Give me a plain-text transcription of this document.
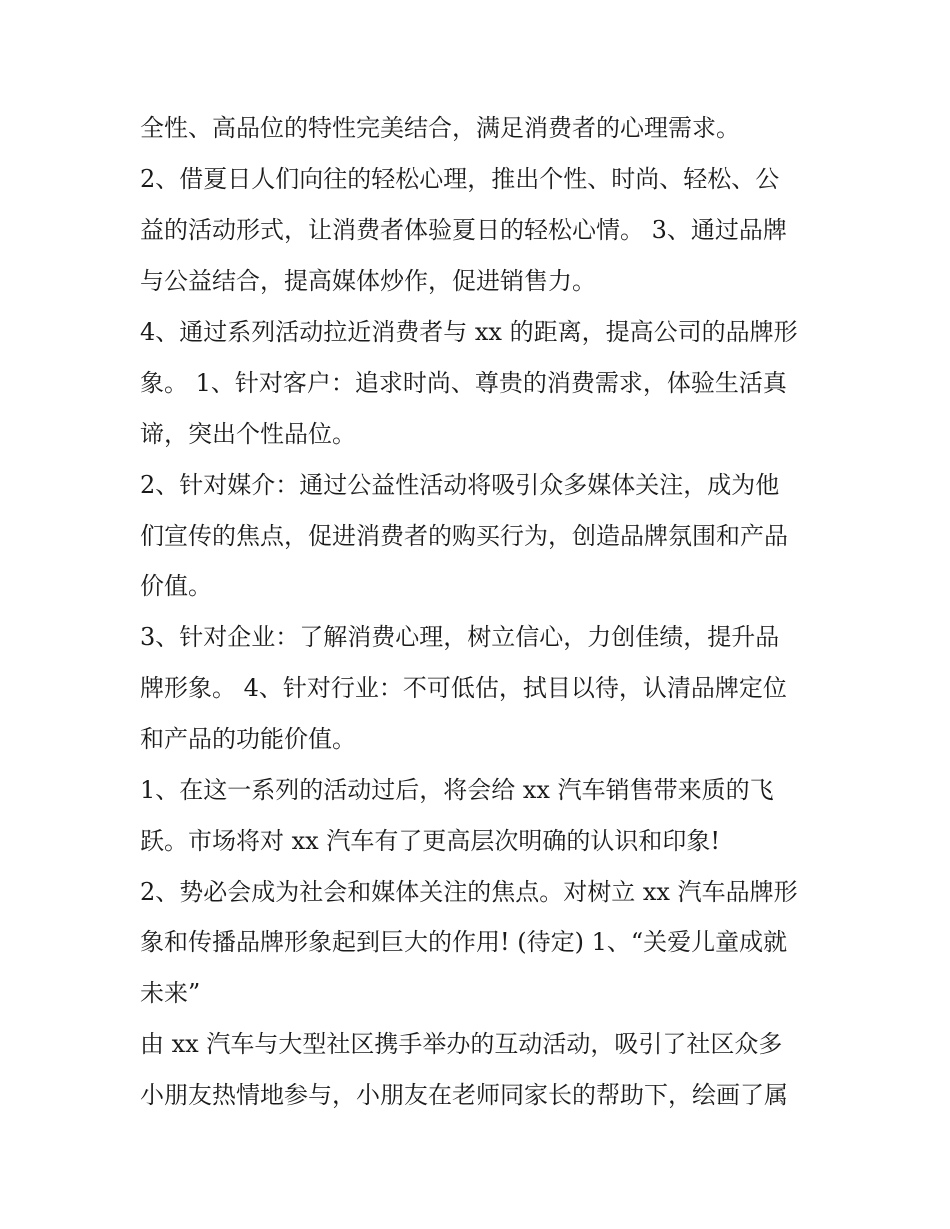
全性、高品位的特性完美结合，满足消费者的心理需求。
2、借夏日人们向往的轻松心理，推出个性、时尚、轻松、公
益的活动形式，让消费者体验夏日的轻松心情。 3、通过品牌
与公益结合，提高媒体炒作，促进销售力。
4、通过系列活动拉近消费者与 xx 的距离，提高公司的品牌形
象。 1、针对客户：追求时尚、尊贵的消费需求，体验生活真
谛，突出个性品位。
2、针对媒介：通过公益性活动将吸引众多媒体关注，成为他
们宣传的焦点，促进消费者的购买行为，创造品牌氛围和产品
价值。
3、针对企业：了解消费心理，树立信心，力创佳绩，提升品
牌形象。 4、针对行业：不可低估，拭目以待，认清品牌定位
和产品的功能价值。
1、在这一系列的活动过后，将会给 xx 汽车销售带来质的飞
跃。市场将对 xx 汽车有了更高层次明确的认识和印象!
2、势必会成为社会和媒体关注的焦点。对树立 xx 汽车品牌形
象和传播品牌形象起到巨大的作用! (待定) 1、“关爱儿童成就
未来”
由 xx 汽车与大型社区携手举办的互动活动，吸引了社区众多
小朋友热情地参与，小朋友在老师同家长的帮助下，绘画了属
